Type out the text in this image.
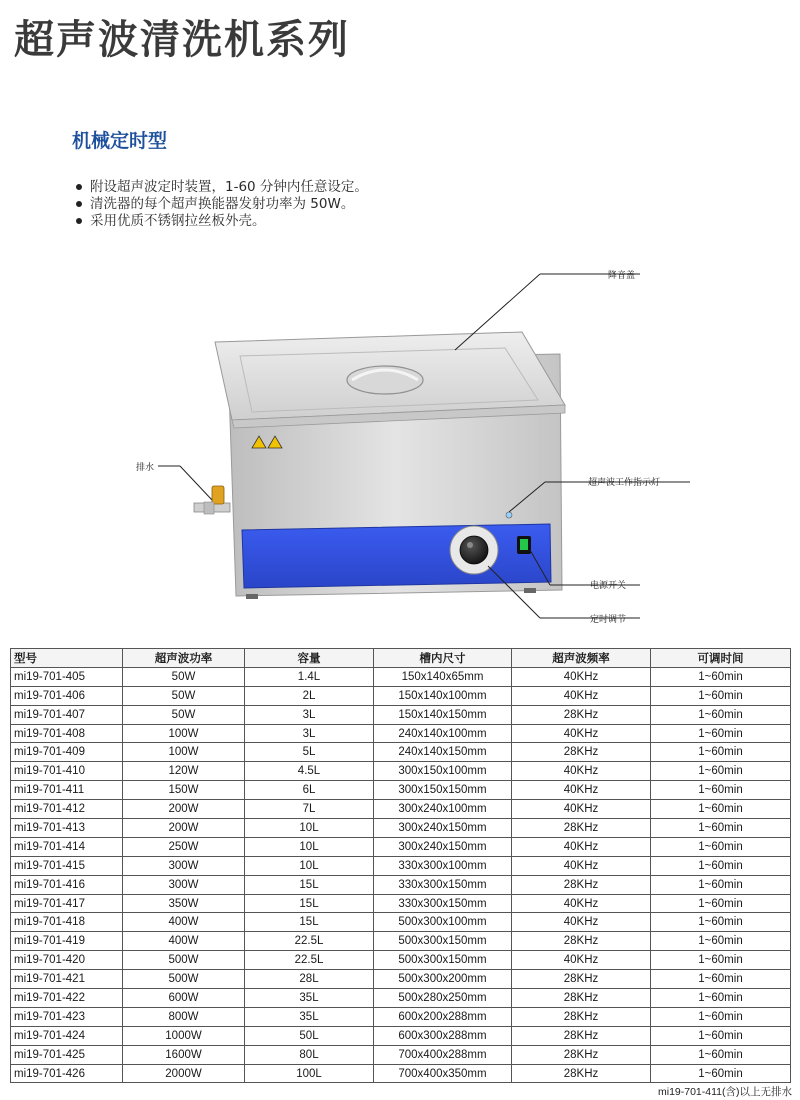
超声波清洗机系列
机械定时型
附设超声波定时装置，1-60 分钟内任意设定。
清洗器的每个超声换能器发射功率为 50W。
采用优质不锈钢拉丝板外壳。
降音盖
排水
超声波工作指示灯
电源开关
定时调节
型号	超声波功率	容量	槽内尺寸	超声波频率	可调时间
mi19-701-405	50W	1.4L	150x140x65mm	40KHz	1~60min
mi19-701-406	50W	2L	150x140x100mm	40KHz	1~60min
mi19-701-407	50W	3L	150x140x150mm	28KHz	1~60min
mi19-701-408	100W	3L	240x140x100mm	40KHz	1~60min
mi19-701-409	100W	5L	240x140x150mm	28KHz	1~60min
mi19-701-410	120W	4.5L	300x150x100mm	40KHz	1~60min
mi19-701-411	150W	6L	300x150x150mm	40KHz	1~60min
mi19-701-412	200W	7L	300x240x100mm	40KHz	1~60min
mi19-701-413	200W	10L	300x240x150mm	28KHz	1~60min
mi19-701-414	250W	10L	300x240x150mm	40KHz	1~60min
mi19-701-415	300W	10L	330x300x100mm	40KHz	1~60min
mi19-701-416	300W	15L	330x300x150mm	28KHz	1~60min
mi19-701-417	350W	15L	330x300x150mm	40KHz	1~60min
mi19-701-418	400W	15L	500x300x100mm	40KHz	1~60min
mi19-701-419	400W	22.5L	500x300x150mm	28KHz	1~60min
mi19-701-420	500W	22.5L	500x300x150mm	40KHz	1~60min
mi19-701-421	500W	28L	500x300x200mm	28KHz	1~60min
mi19-701-422	600W	35L	500x280x250mm	28KHz	1~60min
mi19-701-423	800W	35L	600x200x288mm	28KHz	1~60min
mi19-701-424	1000W	50L	600x300x288mm	28KHz	1~60min
mi19-701-425	1600W	80L	700x400x288mm	28KHz	1~60min
mi19-701-426	2000W	100L	700x400x350mm	28KHz	1~60min
mi19-701-411(含)以上无排水
